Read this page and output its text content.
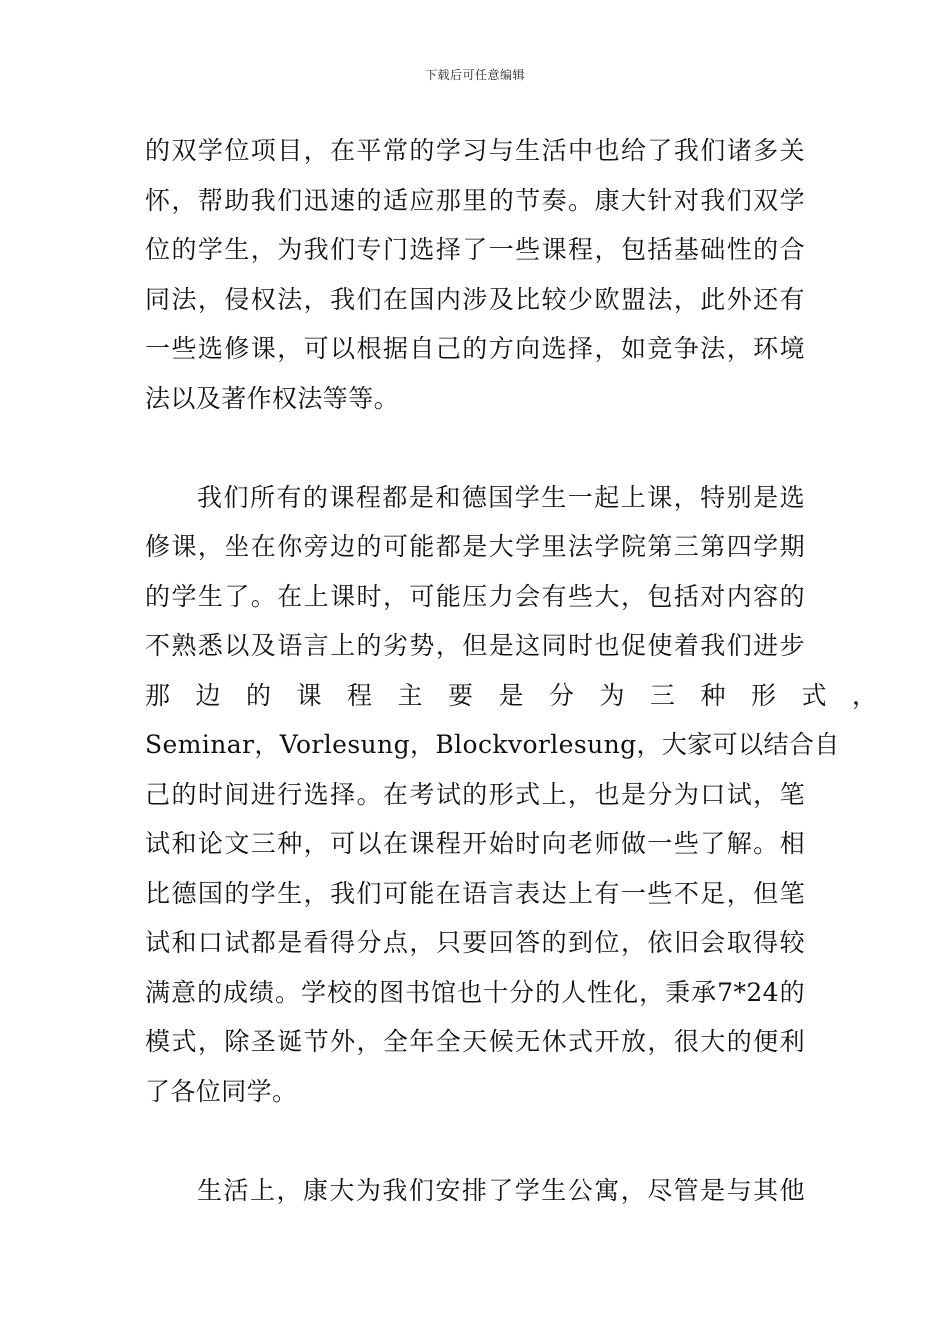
下载后可任意编辑
的双学位项目，在平常的学习与生活中也给了我们诸多关
怀，帮助我们迅速的适应那里的节奏。康大针对我们双学
位的学生，为我们专门选择了一些课程，包括基础性的合
同法，侵权法，我们在国内涉及比较少欧盟法，此外还有
一些选修课，可以根据自己的方向选择，如竞争法，环境
法以及著作权法等等。
我们所有的课程都是和德国学生一起上课，特别是选
修课，坐在你旁边的可能都是大学里法学院第三第四学期
的学生了。在上课时，可能压力会有些大，包括对内容的
不熟悉以及语言上的劣势，但是这同时也促使着我们进步
那边的课程主要是分为三种形式，
Seminar，Vorlesung，Blockvorlesung，大家可以结合自
己的时间进行选择。在考试的形式上，也是分为口试，笔
试和论文三种，可以在课程开始时向老师做一些了解。相
比德国的学生，我们可能在语言表达上有一些不足，但笔
试和口试都是看得分点，只要回答的到位，依旧会取得较
满意的成绩。学校的图书馆也十分的人性化，秉承7*24的
模式，除圣诞节外，全年全天候无休式开放，很大的便利
了各位同学。
生活上，康大为我们安排了学生公寓，尽管是与其他
